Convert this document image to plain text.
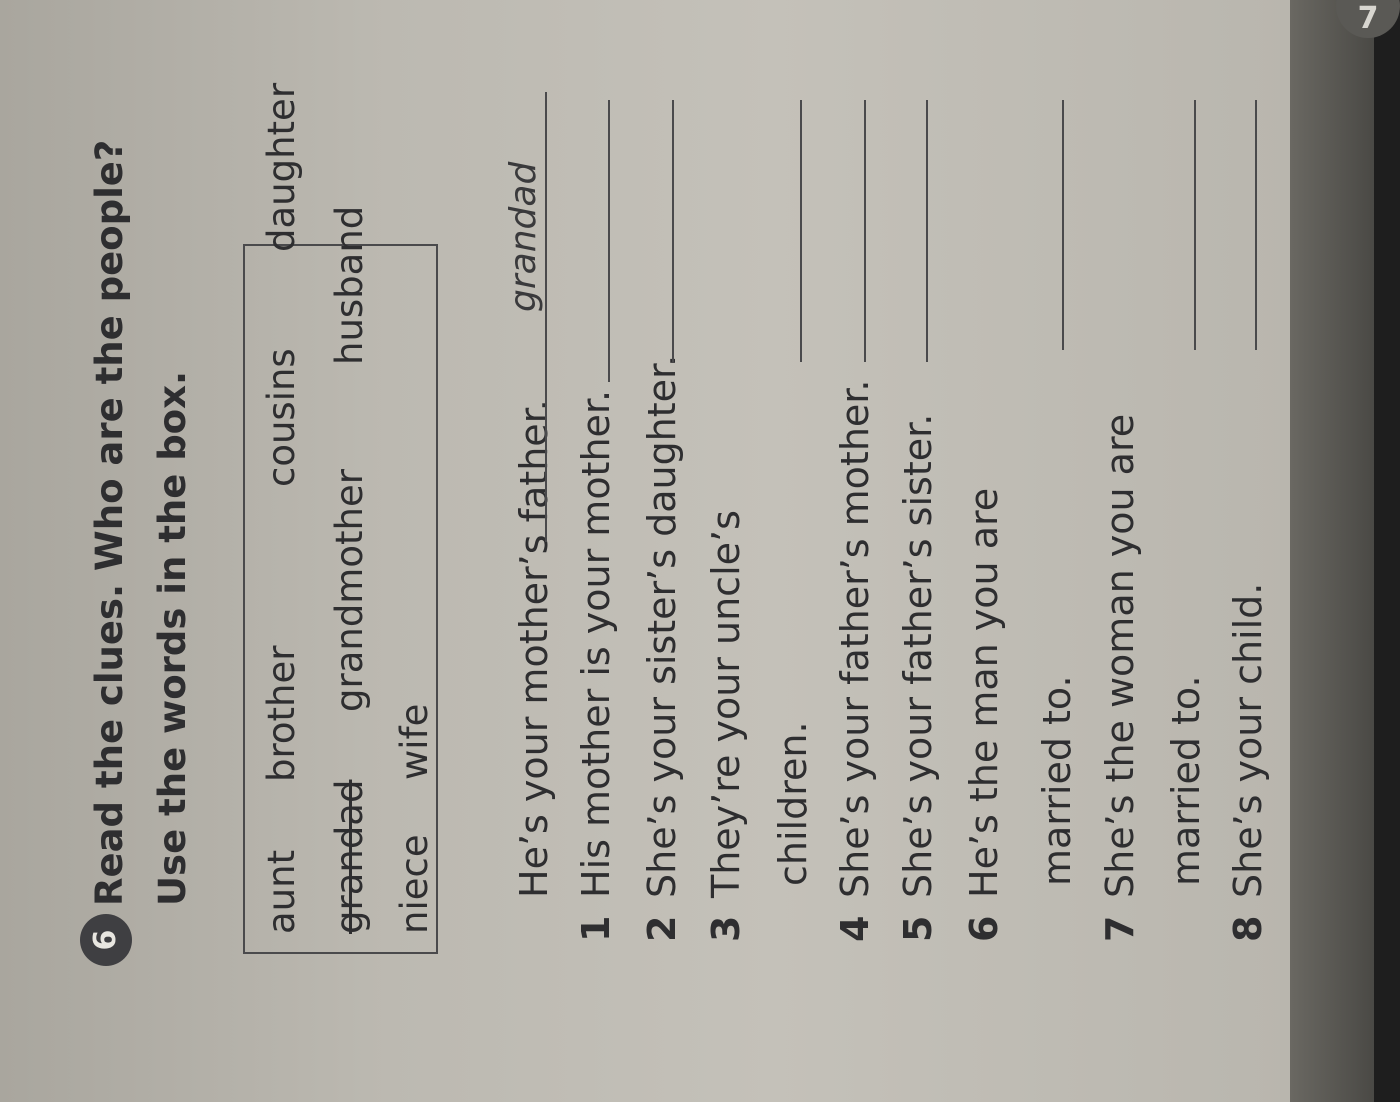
7
6

Read the clues. Who are the people? Use the words in the box. aunt
brother
cousins
daughter
grandad
grandmother
husband
niece
wife He’s your mother’s father.
grandad
1His mother is your mother.
2She’s your sister’s daughter.
3They’re your uncle’s children.
4She’s your father’s mother.
5She’s your father’s sister.
6He’s the man you are married to.
7She’s the woman you are married to.
8She’s your child.
